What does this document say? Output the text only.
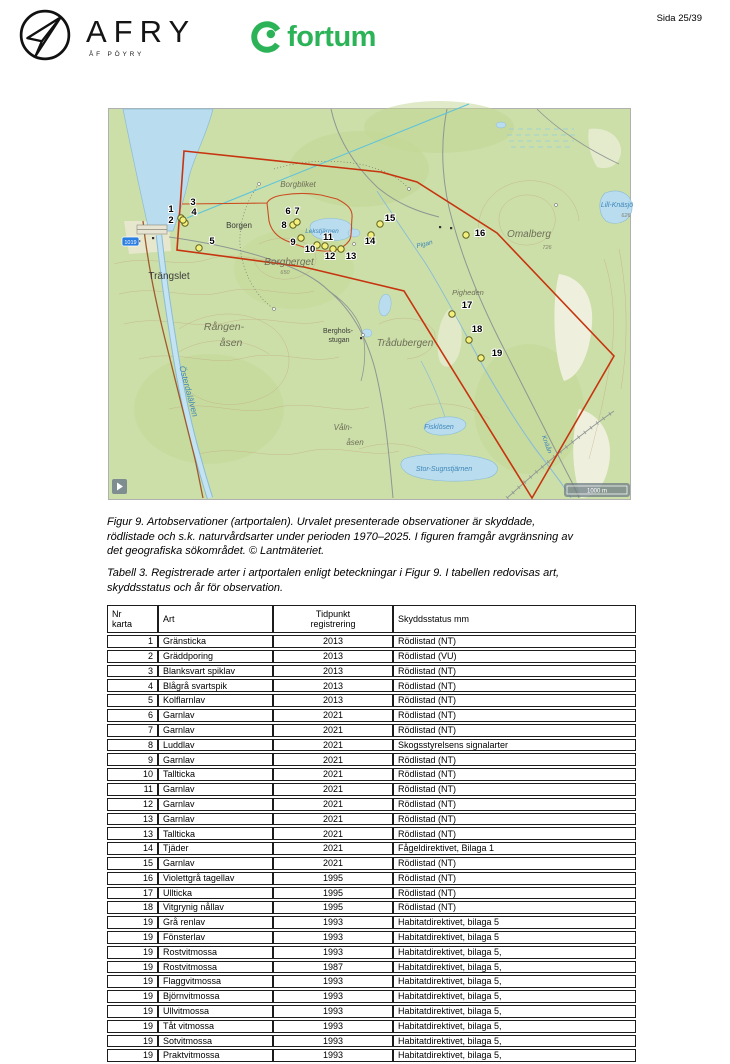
AFRY
ÅF PÖYRY
fortum
Sida 25/39
Borgbliket
Borgen
Borgberget
650
Lekstjärnen	Omalberg
726
Lill-Knäsjö
626
Pigan
Pigheden
Trängslet
Rången-
åsen
Berghols-
stugan	Trådubergen
Våln-
åsen
Fisklösen
Stor-Sugnstjärnen
Österdalälven
Knäån
1
2
3
4
5
6 7
8
9
10
11
12 13
14
15
16
17
18
19
1019
1000 m
Figur 9. Artobservationer (artportalen). Urvalet presenterade observationer är skyddade,
rödlistade och s.k. naturvårdsarter under perioden 1970–2025. I figuren framgår avgränsning av
det geografiska sökområdet. © Lantmäteriet.
Tabell 3. Registrerade arter i artportalen enligt beteckningar i Figur 9. I tabellen redovisas art,
skyddsstatus och år för observation.
Nr
karta	Art	Tidpunkt
registrering	Skyddsstatus mm
1	Gränsticka	2013	Rödlistad (NT)
2	Gräddporing	2013	Rödlistad (VU)
3	Blanksvart spiklav	2013	Rödlistad (NT)
4	Blågrå svartspik	2013	Rödlistad (NT)
5	Kolflarnlav	2013	Rödlistad (NT)
6	Garnlav	2021	Rödlistad (NT)
7	Garnlav	2021	Rödlistad (NT)
8	Luddlav	2021	Skogsstyrelsens signalarter
9	Garnlav	2021	Rödlistad (NT)
10	Tallticka	2021	Rödlistad (NT)
11	Garnlav	2021	Rödlistad (NT)
12	Garnlav	2021	Rödlistad (NT)
13	Garnlav	2021	Rödlistad (NT)
13	Tallticka	2021	Rödlistad (NT)
14	Tjäder	2021	Fågeldirektivet, Bilaga 1
15	Garnlav	2021	Rödlistad (NT)
16	Violettgrå tagellav	1995	Rödlistad (NT)
17	Ullticka	1995	Rödlistad (NT)
18	Vitgrynig nållav	1995	Rödlistad (NT)
19	Grå renlav	1993	Habitatdirektivet, bilaga 5
19	Fönsterlav	1993	Habitatdirektivet, bilaga 5
19	Rostvitmossa	1993	Habitatdirektivet, bilaga 5,
19	Rostvitmossa	1987	Habitatdirektivet, bilaga 5,
19	Flaggvitmossa	1993	Habitatdirektivet, bilaga 5,
19	Björnvitmossa	1993	Habitatdirektivet, bilaga 5,
19	Ullvitmossa	1993	Habitatdirektivet, bilaga 5,
19	Tåt vitmossa	1993	Habitatdirektivet, bilaga 5,
19	Sotvitmossa	1993	Habitatdirektivet, bilaga 5,
19	Praktvitmossa	1993	Habitatdirektivet, bilaga 5,
